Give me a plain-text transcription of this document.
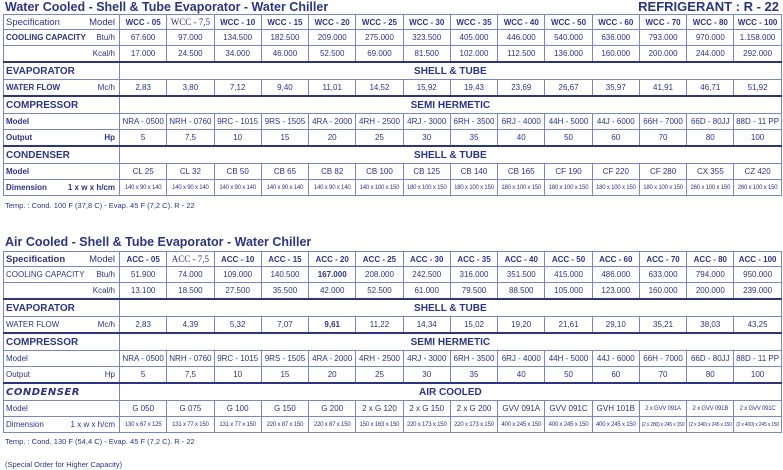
Water Cooled - Shell & Tube Evaporator - Water Chiller	REFRIGERANT : R - 22
Specification Model	WCC - 05	WCC - 7,5	WCC - 10	WCC - 15	WCC - 20	WCC - 25	WCC - 30	WCC - 35	WCC - 40	WCC - 50	WCC - 60	WCC - 70	WCC - 80	WCC - 100
COOLING CAPACITY Btu/h	67.600	97.000	134.500	182.500	209.000	275.000	323.500	405.000	446.000	540.000	636.000	793.000	970.000	1.158.000

Kcal/h	17.000	24.500	34.000	46.000	52.500	69.000	81.500	102.000	112.500	136.000	160.000	200.000	244.000	292.000
EVAPORATOR	SHELL & TUBE													
WATER FLOW Mc/h	2,83	3,80	7,12	9,40	11,01	14,52	15,92	19,43	23,69	26,67	35,97	41,91	46,71	51,92
COMPRESSOR	SEMI HERMETIC													
Model	NRA - 0500	NRH - 0760	9RC - 1015	9RS - 1505	4RA - 2000	4RH - 2500	4RJ - 3000	6RH - 3500	6RJ - 4000	44H - 5000	44J - 6000	66H - 7000	66D - 80JJ	88D - 11 PP
Output Hp	5	7,5	10	15	20	25	30	35	40	50	60	70	80	100
CONDENSER	SHELL & TUBE													
Model	CL 25	CL 32	CB 50	CB 65	CB 82	CB 100	CB 125	CB 140	CB 165	CF 190	CF 220	CF 280	CX 355	CZ 420
Dimension 1 x w x h/cm	140 x 90 x 140	140 x 90 x 140	140 x 90 x 140	140 x 90 x 140	140 x 90 x 140	140 x 100 x 150	180 x 100 x 150	180 x 100 x 150	180 x 100 x 150	180 x 100 x 150	180 x 100 x 150	180 x 100 x 150	260 x 100 x 150	260 x 100 x 150
Temp. : Cond. 100 F (37,8 C) - Evap. 45 F (7,2 C). R - 22
Air Cooled - Shell & Tube Evaporator - Water Chiller
Specification Model	ACC - 05	ACC - 7,5	ACC - 10	ACC - 15	ACC - 20	ACC - 25	ACC - 30	ACC - 35	ACC - 40	ACC - 50	ACC - 60	ACC - 70	ACC - 80	ACC - 100
COOLING CAPACITY Btu/h	51.900	74.000	109.000	140.500	167.000	208.000	242.500	316.000	351.500	415.000	486.000	633.000	794.000	950.000

Kcal/h	13.100	18.500	27.500	35.500	42.000	52.500	61.000	79.500	88.500	105.000	123.000	160.000	200.000	239.000
EVAPORATOR	SHELL & TUBE													
WATER FLOW Mc/h	2,83	4,39	5,32	7,07	9,61	11,22	14,34	15,02	19,20	21,61	29,10	35,21	38,03	43,25
COMPRESSOR	SEMI HERMETIC													
Model	NRA - 0500	NRH - 0760	9RC - 1015	9RS - 1505	4RA - 2000	4RH - 2500	4RJ - 3000	6RH - 3500	6RJ - 4000	44H - 5000	44J - 6000	66H - 7000	66D - 80JJ	88D - 11 PP
Output Hp	5	7,5	10	15	20	25	30	35	40	50	60	70	80	100
CONDENSER	AIR COOLED													
Model	G 050	G 075	G 100	G 150	G 200	2 x G 120	2 x G 150	2 x G 200	GVV 091A	GVV 091C	GVH 101B	2 x GVV 091A	2 x GVV 091B	2 x GVV 091C
Dimension 1 x w x h/cm	130 x 67 x 125	131 x 77 x 150	131 x 77 x 150	220 x 87 x 150	220 x 87 x 150	150 x 163 x 150	220 x 173 x 150	220 x 173 x 150	400 x 245 x 150	400 x 245 x 150	400 x 245 x 150	(2 x 280) x 245 x 150	(2 x 340) x 245 x 150	(2 x 400) x 245 x 150
Temp. : Cond. 130 F (54,4 C) - Evap. 45 F (7,2 C). R - 22
(Special Order for Higher Capacity)
